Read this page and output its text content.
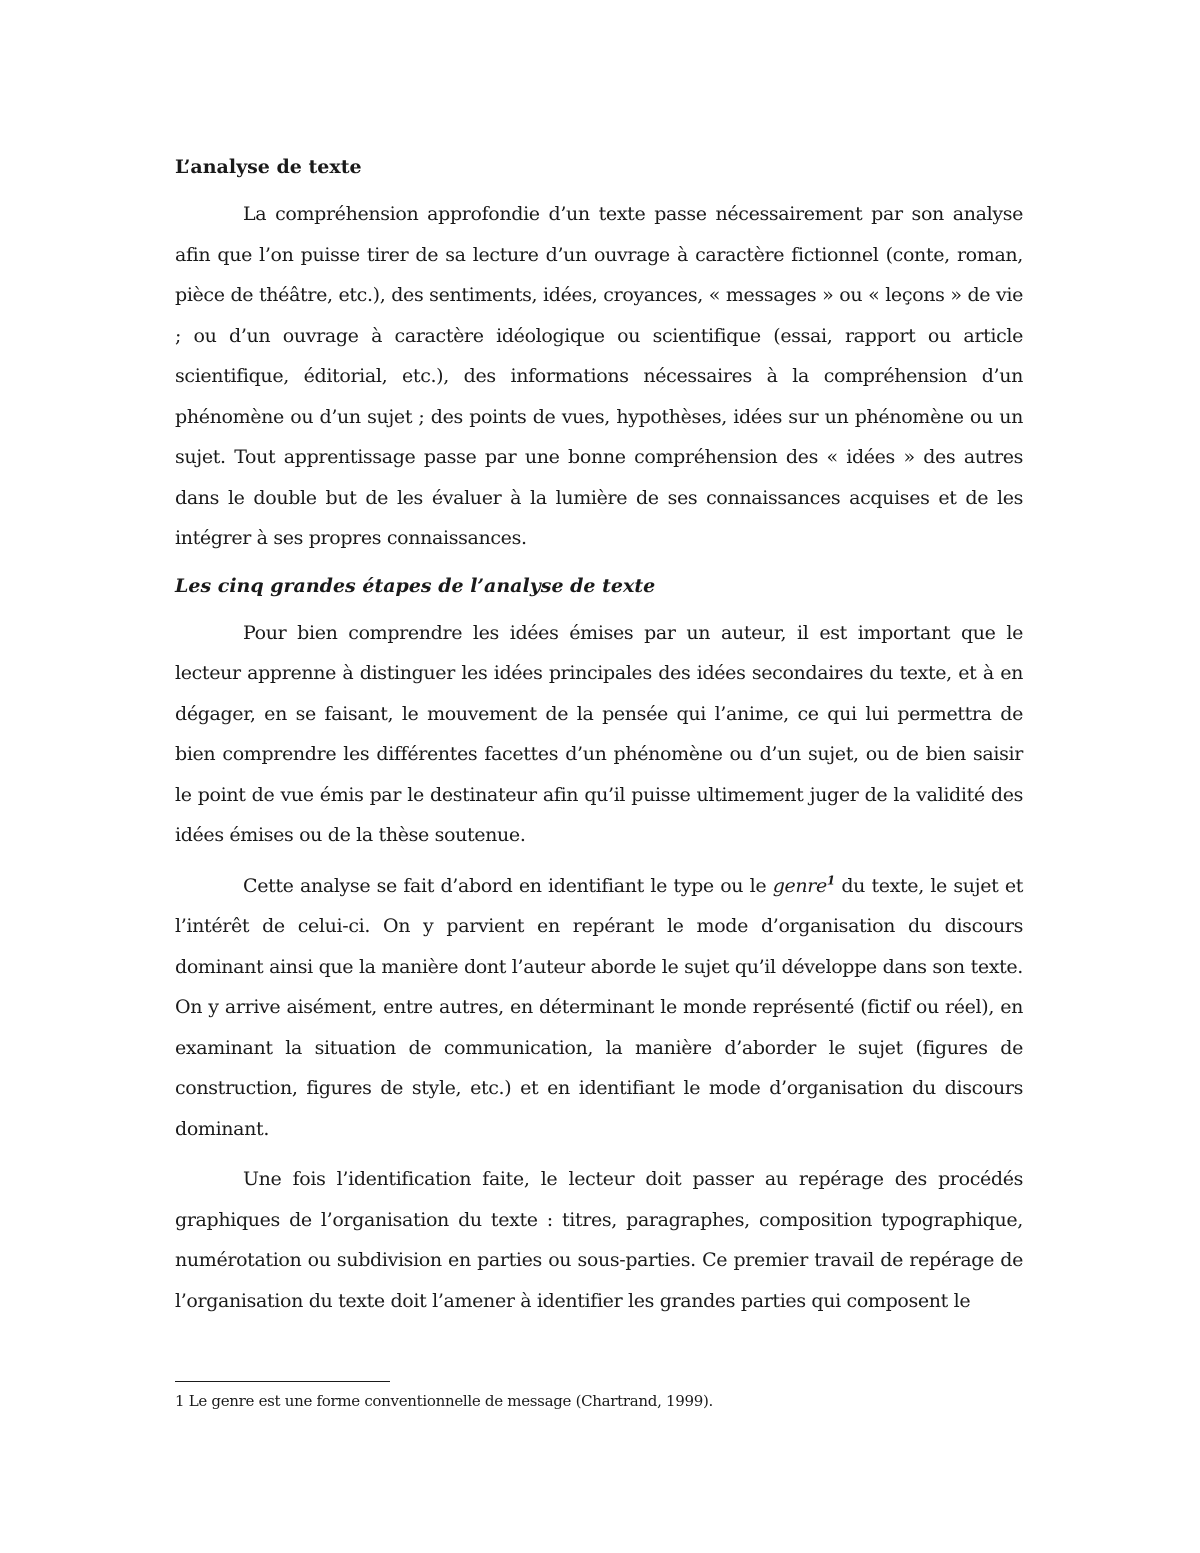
L’analyse de texte

La compréhension approfondie d’un texte passe nécessairement par son analyse afin que l’on puisse tirer de sa lecture d’un ouvrage à caractère fictionnel (conte, roman, pièce de théâtre, etc.), des sentiments, idées, croyances, « messages » ou « leçons » de vie ; ou d’un ouvrage à caractère idéologique ou scientifique (essai, rapport ou article scientifique, éditorial, etc.), des informations nécessaires à la compréhension d’un phénomène ou d’un sujet ; des points de vues, hypothèses, idées sur un phénomène ou un sujet. Tout apprentissage passe par une bonne compréhension des « idées » des autres dans le double but de les évaluer à la lumière de ses connaissances acquises et de les intégrer à ses propres connaissances.

Les cinq grandes étapes de l’analyse de texte

Pour bien comprendre les idées émises par un auteur, il est important que le lecteur apprenne à distinguer les idées principales des idées secondaires du texte, et à en dégager, en se faisant, le mouvement de la pensée qui l’anime, ce qui lui permettra de bien comprendre les différentes facettes d’un phénomène ou d’un sujet, ou de bien saisir le point de vue émis par le destinateur afin qu’il puisse ultimement juger de la validité des idées émises ou de la thèse soutenue.

Cette analyse se fait d’abord en identifiant le type ou le genre$^1$ du texte, le sujet et l’intérêt de celui-ci. On y parvient en repérant le mode d’organisation du discours dominant ainsi que la manière dont l’auteur aborde le sujet qu’il développe dans son texte. On y arrive aisément, entre autres, en déterminant le monde représenté (fictif ou réel), en examinant la situation de communication, la manière d’aborder le sujet (figures de construction, figures de style, etc.) et en identifiant le mode d’organisation du discours dominant.

Une fois l’identification faite, le lecteur doit passer au repérage des procédés graphiques de l’organisation du texte : titres, paragraphes, composition typographique, numérotation ou subdivision en parties ou sous-parties. Ce premier travail de repérage de l’organisation du texte doit l’amener à identifier les grandes parties qui composent le

1 Le genre est une forme conventionnelle de message (Chartrand, 1999).
